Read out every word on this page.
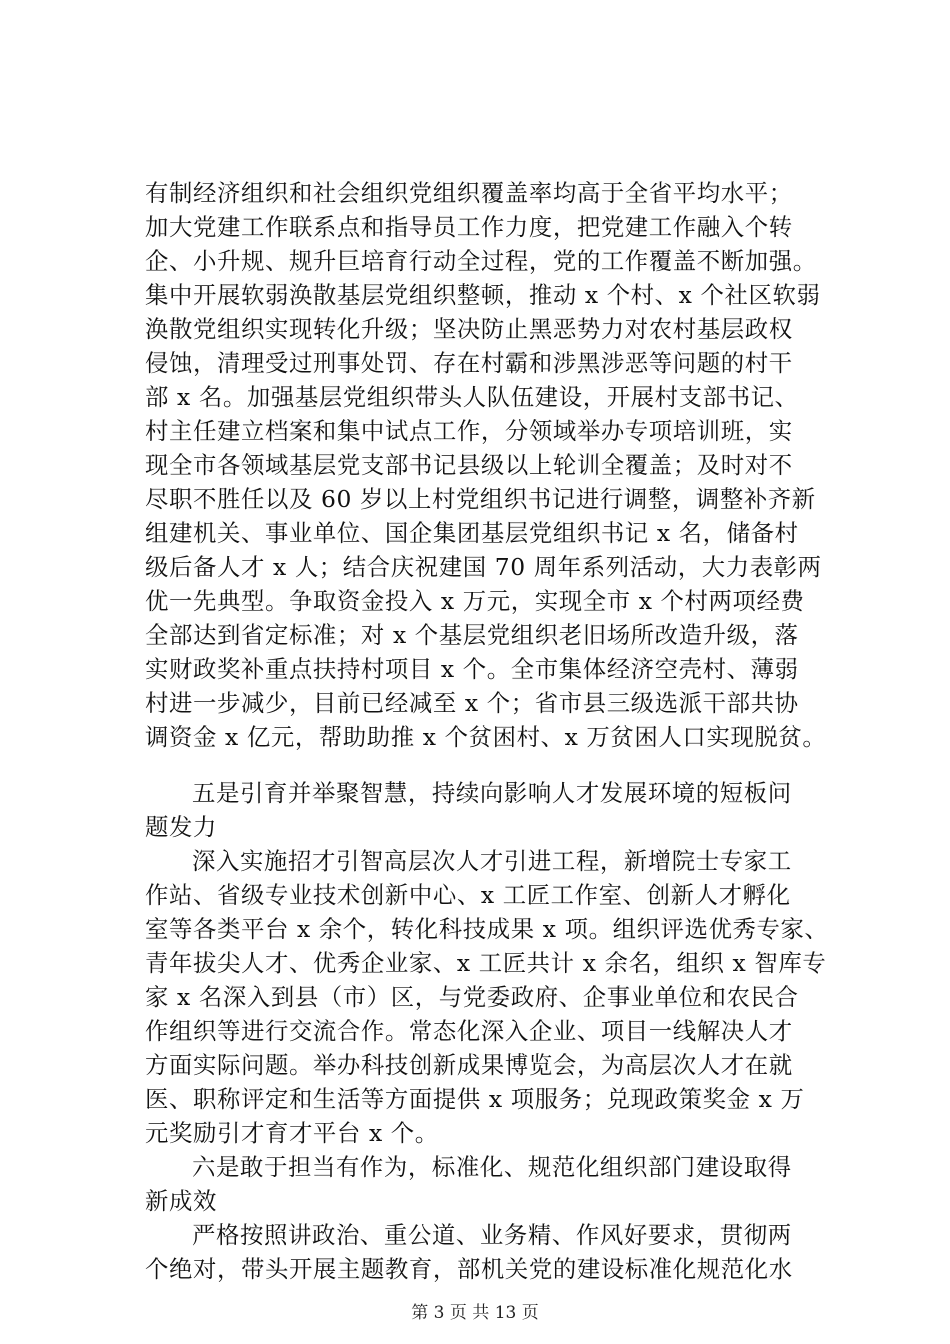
有制经济组织和社会组织党组织覆盖率均高于全省平均水平；
加大党建工作联系点和指导员工作力度，把党建工作融入个转
企、小升规、规升巨培育行动全过程，党的工作覆盖不断加强。
集中开展软弱涣散基层党组织整顿，推动 x 个村、x 个社区软弱
涣散党组织实现转化升级；坚决防止黑恶势力对农村基层政权
侵蚀，清理受过刑事处罚、存在村霸和涉黑涉恶等问题的村干
部 x 名。加强基层党组织带头人队伍建设，开展村支部书记、
村主任建立档案和集中试点工作，分领域举办专项培训班，实
现全市各领域基层党支部书记县级以上轮训全覆盖；及时对不
尽职不胜任以及 60 岁以上村党组织书记进行调整，调整补齐新
组建机关、事业单位、国企集团基层党组织书记 x 名，储备村
级后备人才 x 人；结合庆祝建国 70 周年系列活动，大力表彰两
优一先典型。争取资金投入 x 万元，实现全市 x 个村两项经费
全部达到省定标准；对 x 个基层党组织老旧场所改造升级，落
实财政奖补重点扶持村项目 x 个。全市集体经济空壳村、薄弱
村进一步减少，目前已经减至 x 个；省市县三级选派干部共协
调资金 x 亿元，帮助助推 x 个贫困村、x 万贫困人口实现脱贫。
五是引育并举聚智慧，持续向影响人才发展环境的短板问
题发力
深入实施招才引智高层次人才引进工程，新增院士专家工
作站、省级专业技术创新中心、x 工匠工作室、创新人才孵化
室等各类平台 x 余个，转化科技成果 x 项。组织评选优秀专家、
青年拔尖人才、优秀企业家、x 工匠共计 x 余名，组织 x 智库专
家 x 名深入到县（市）区，与党委政府、企事业单位和农民合
作组织等进行交流合作。常态化深入企业、项目一线解决人才
方面实际问题。举办科技创新成果博览会，为高层次人才在就
医、职称评定和生活等方面提供 x 项服务；兑现政策奖金 x 万
元奖励引才育才平台 x 个。
六是敢于担当有作为，标准化、规范化组织部门建设取得
新成效
严格按照讲政治、重公道、业务精、作风好要求，贯彻两
个绝对，带头开展主题教育，部机关党的建设标准化规范化水
第 3 页 共 13 页
